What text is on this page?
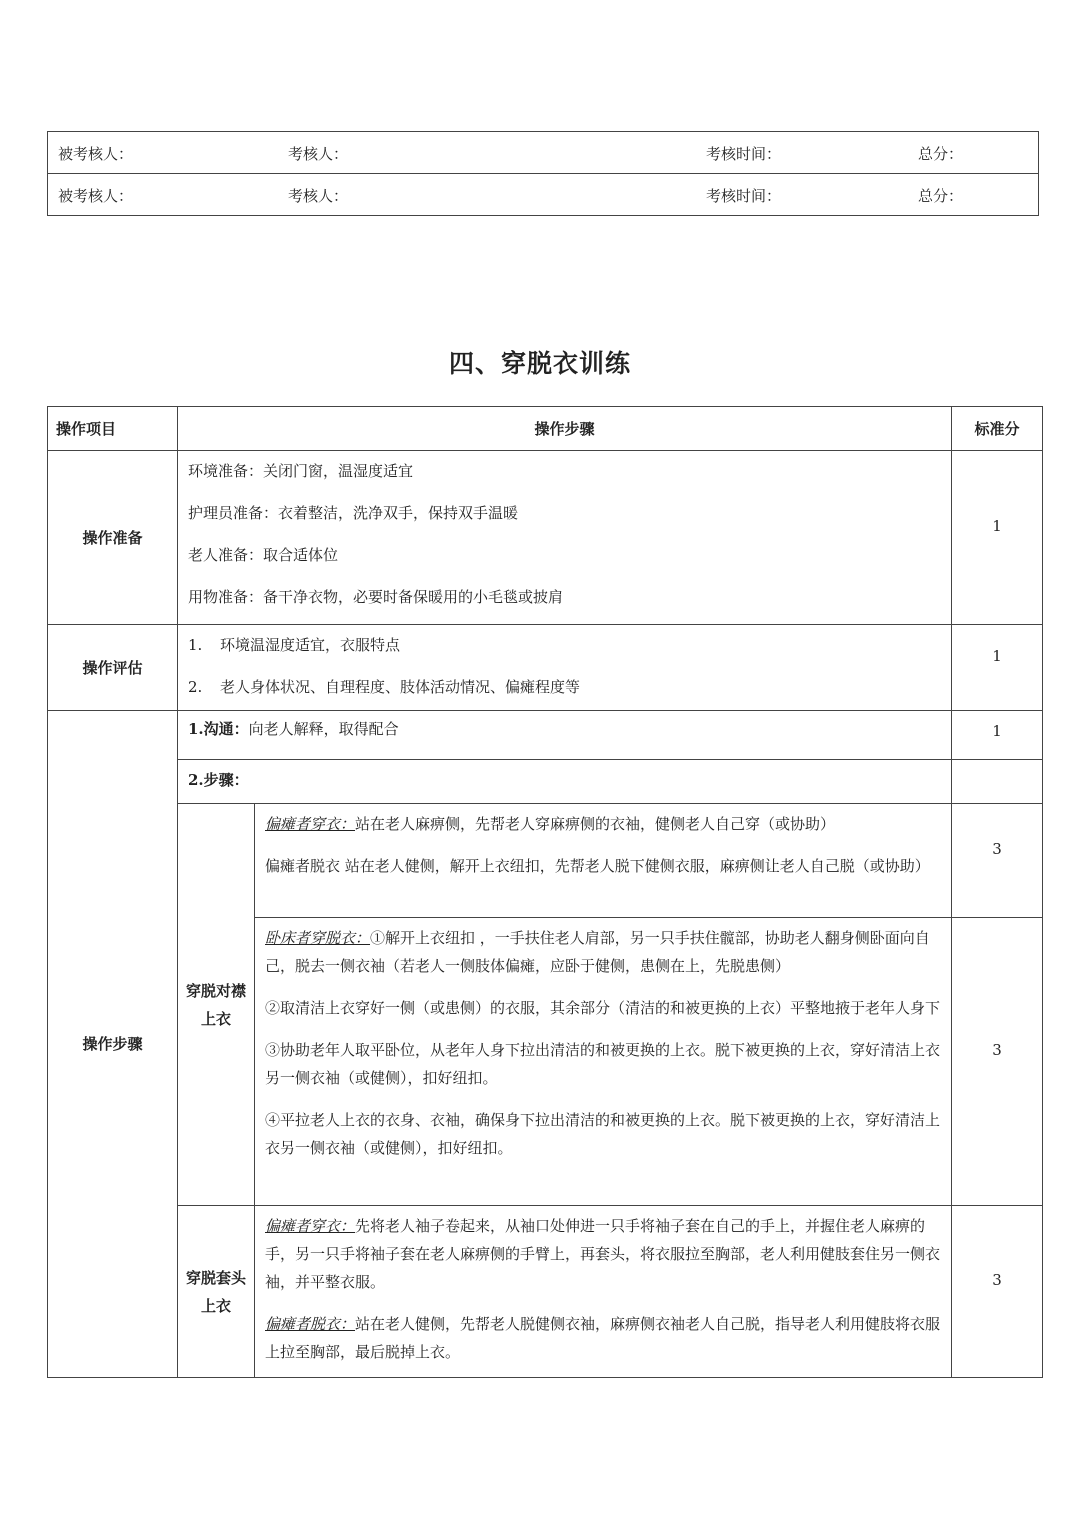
被考核人：	考核人：	考核时间：	总分：

被考核人：	考核人：	考核时间：	总分：
四、穿脱衣训练
操作项目	操作步骤		标准分
操作准备	环境准备：关闭门窗，温湿度适宜

护理员准备：衣着整洁，洗净双手，保持双手温暖

老人准备：取合适体位

用物准备：备干净衣物，必要时备保暖用的小毛毯或披肩		1
操作评估	1. 环境温湿度适宜，衣服特点

2. 老人身体状况、自理程度、肢体活动情况、偏瘫程度等		1
操作步骤	1.沟通：向老人解释，取得配合		1
	2.步骤：		
	穿脱对襟上衣	偏瘫者穿衣：站在老人麻痹侧，先帮老人穿麻痹侧的衣袖，健侧老人自己穿（或协助）

偏瘫者脱衣 站在老人健侧，解开上衣纽扣，先帮老人脱下健侧衣服，麻痹侧让老人自己脱（或协助）	3

		卧床者穿脱衣：①解开上衣纽扣 ，一手扶住老人肩部，另一只手扶住髋部，协助老人翻身侧卧面向自己，脱去一侧衣袖（若老人一侧肢体偏瘫，应卧于健侧，患侧在上，先脱患侧）

②取清洁上衣穿好一侧（或患侧）的衣服，其余部分（清洁的和被更换的上衣）平整地掖于老年人身下

③协助老年人取平卧位，从老年人身下拉出清洁的和被更换的上衣。脱下被更换的上衣，穿好清洁上衣另一侧衣袖（或健侧），扣好纽扣。

④平拉老人上衣的衣身、衣袖，确保身下拉出清洁的和被更换的上衣。脱下被更换的上衣，穿好清洁上衣另一侧衣袖（或健侧），扣好纽扣。	3
	穿脱套头上衣	偏瘫者穿衣：先将老人袖子卷起来，从袖口处伸进一只手将袖子套在自己的手上，并握住老人麻痹的手，另一只手将袖子套在老人麻痹侧的手臂上，再套头，将衣服拉至胸部，老人利用健肢套住另一侧衣袖，并平整衣服。

偏瘫者脱衣：站在老人健侧，先帮老人脱健侧衣袖，麻痹侧衣袖老人自己脱，指导老人利用健肢将衣服上拉至胸部，最后脱掉上衣。	3
